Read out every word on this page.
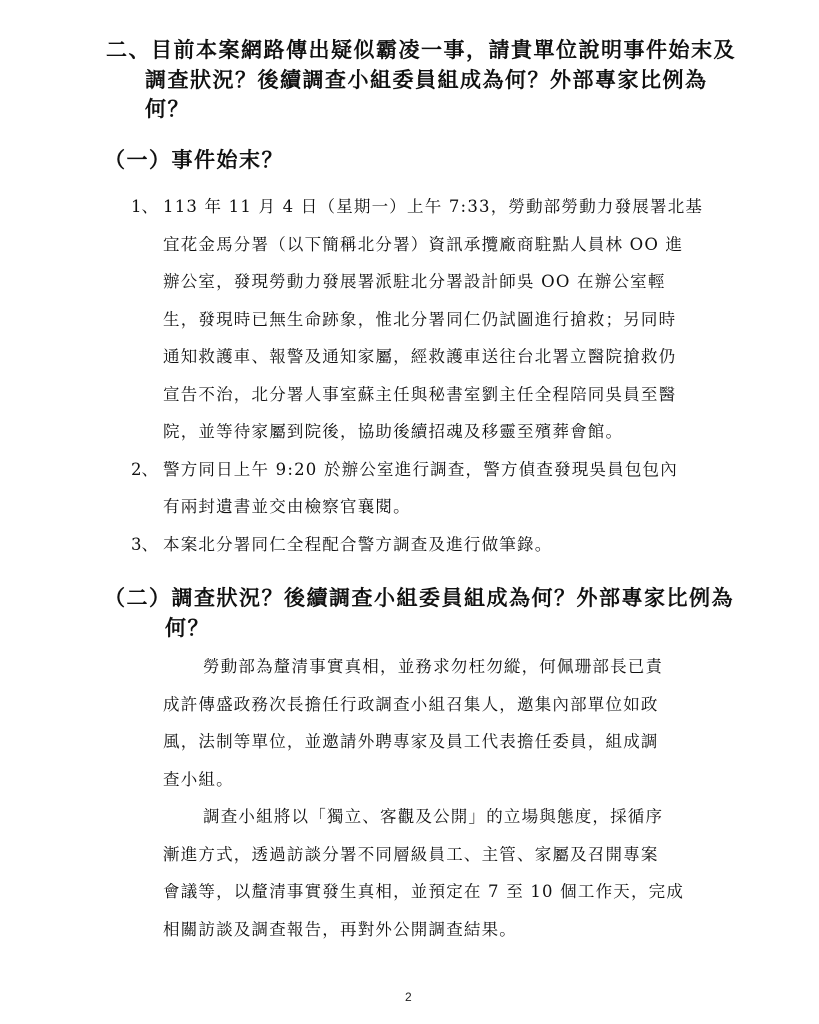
二、目前本案網路傳出疑似霸凌一事，請貴單位說明事件始末及
調查狀況？後續調查小組委員組成為何？外部專家比例為
何？
（一）事件始末？
1、 113 年 11 月 4 日（星期一）上午 7:33，勞動部勞動力發展署北基
宜花金馬分署（以下簡稱北分署）資訊承攬廠商駐點人員林 OO 進
辦公室，發現勞動力發展署派駐北分署設計師吳 OO 在辦公室輕
生，發現時已無生命跡象，惟北分署同仁仍試圖進行搶救；另同時
通知救護車、報警及通知家屬，經救護車送往台北署立醫院搶救仍
宣告不治，北分署人事室蘇主任與秘書室劉主任全程陪同吳員至醫
院，並等待家屬到院後，協助後續招魂及移靈至殯葬會館。
2、 警方同日上午 9:20 於辦公室進行調查，警方偵查發現吳員包包內
有兩封遺書並交由檢察官襄閱。
3、 本案北分署同仁全程配合警方調查及進行做筆錄。
（二）調查狀況？後續調查小組委員組成為何？外部專家比例為
何？
勞動部為釐清事實真相，並務求勿枉勿縱，何佩珊部長已責
成許傳盛政務次長擔任行政調查小組召集人，邀集內部單位如政
風，法制等單位，並邀請外聘專家及員工代表擔任委員，組成調
查小組。
調查小組將以「獨立、客觀及公開」的立場與態度，採循序
漸進方式，透過訪談分署不同層級員工、主管、家屬及召開專案
會議等，以釐清事實發生真相，並預定在 7 至 10 個工作天，完成
相關訪談及調查報告，再對外公開調查結果。
2
